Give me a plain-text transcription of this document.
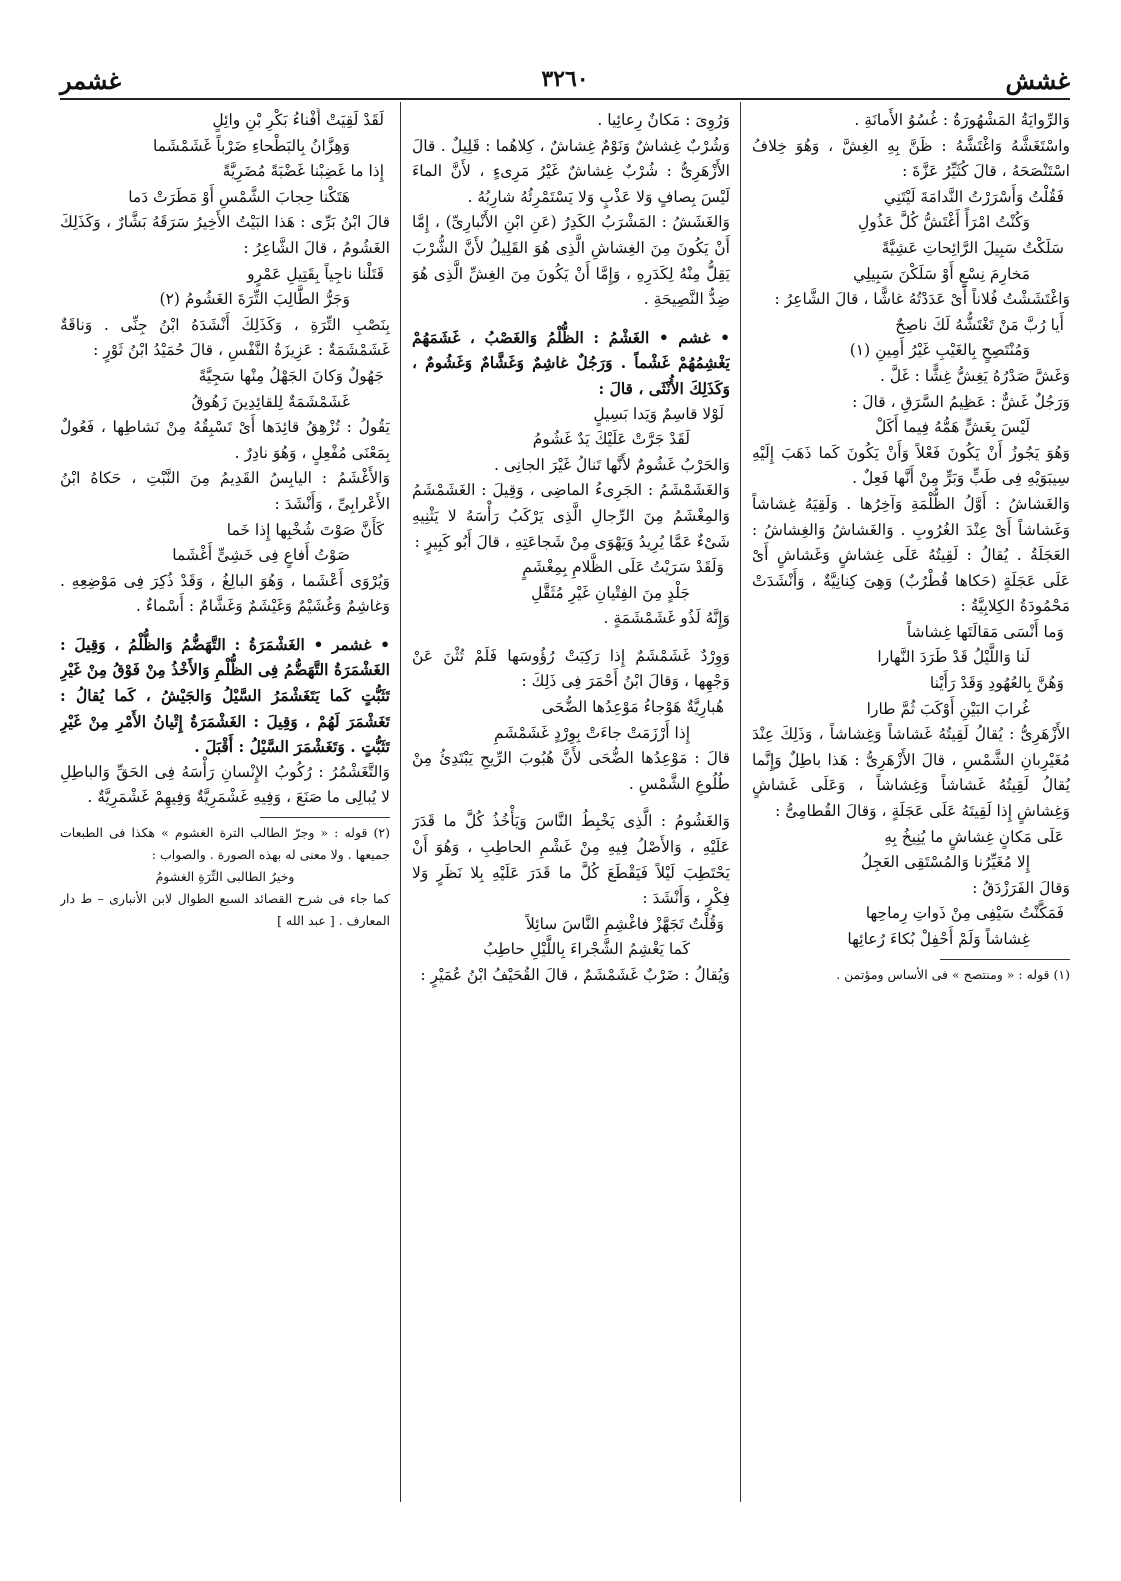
غشش
٣٢٦٠
غشمر

وَالرِّوايَةُ المَشْهُورَةُ : غُسُوُ الأَمانَةِ .

واسْتَغَشَّهُ وَاغْتَشَّهُ : ظَنَّ بِهِ الغِشَّ ، وَهُوَ خِلافُ اسْتَنْصَحَهُ ، قالَ كُثَيِّرُ عَزَّةَ :

فَقُلْتُ وَأَسْرَرْتُ النَّدامَةَ لَيْتَنِي

وَكُنْتُ امْرَأً أَغْتَشُّ كُلَّ عَذُولِ

سَلَكْتُ سَبِيلَ الرَّائِحاتِ عَشِيَّةً

مَخارِمَ نِسْعٍ أَوْ سَلَكْنَ سَبِيلِي

وَاغْتَشَشْتُ فُلاناً أَىْ عَدَدْتُهُ غاشًّا ، قالَ الشَّاعِرُ :

أَيا رُبَّ مَنْ تَغْتَشُّهُ لَكَ ناصِحٌ

وَمُنْتَصِحٍ بِالغَيْبِ غَيْرُ أَمِينِ (١)

وَغَشَّ صَدْرُهُ يَغِشُّ غِشًّا : غَلَّ .

وَرَجُلٌ غَشٌّ : عَظِيمُ السَّرَقِ ، قالَ :

لَيْسَ بِغَشٍّ هَمُّهُ فِيما أَكَلْ

وَهُوَ يَجُوزُ أَنْ يَكُونَ فَعْلاً وَأَنْ يَكُونَ كَما ذَهَبَ إِلَيْهِ سِيبَوَيْهِ فِى طَبٍّ وَبَرٍّ مِنْ أَنَّها فَعِلٌ .

وَالغَشاشُ : أَوَّلُ الظُّلْمَةِ وَآخِرُها . وَلَقِيَهُ غِشاشاً وَغَشاشاً أَىْ عِنْدَ الغُرُوبِ . وَالغَشاشُ وَالغِشاشُ : العَجَلَةُ . يُقالُ : لَقِيتُهُ عَلَى غِشاشٍ وَغَشاشٍ أَىْ عَلَى عَجَلَةٍ (حَكاها قُطْرُبٌ) وَهِىَ كِنانِيَّةٌ ، وَأَنْشَدَتْ مَحْمُودَةُ الكِلابِيَّةُ :

وَما أَنْسَى مَقالَتَها غِشاشاً

لَنا وَاللَّيْلُ قَدْ طَرَدَ النَّهارا

وَهُنَّ بِالعُهُودِ وَقَدْ رَأَيْنا

غُرابَ البَيْنِ أَوْكَبَ ثُمَّ طارا

الأَزْهَرِىُّ : يُقالُ لَقِيتُهُ غَشاشاً وَغِشاشاً ، وَذَلِكَ عِنْدَ مُغَيْرِبانِ الشَّمْسِ ، قالَ الأَزْهَرِىُّ : هَذا باطِلٌ وَإِنَّما يُقالُ لَقِيتُهُ غَشاشاً وَغِشاشاً ، وَعَلَى غَشاشٍ وَغِشاشٍ إِذا لَقِيتَهُ عَلَى عَجَلَةٍ ، وَقالَ القُطامِىُّ :

عَلَى مَكانٍ غِشاشٍ ما يُنِيخُ بِهِ

إِلا مُغَيِّرُنا وَالمُسْتَقِى العَجِلُ

وَقالَ الفَرَزْدَقُ :

فَمَكَّنْتُ سَيْفِى مِنْ ذَواتِ رِماحِها

غِشاشاً وَلَمْ أَحْفِلْ بُكاءَ رُعائِها

(١) قوله : « ومنتصح » فى الأساس ومؤتمن .

وَرُوِىَ : مَكانٌ رِعائِيا .

وَشُرْبٌ غِشاشٌ وَنَوْمٌ غِشاشٌ ، كِلاهُما : قَلِيلٌ . قالَ الأَزْهَرِىُّ : شُرْبٌ غِشاشٌ غَيْرُ مَرِىءٍ ، لأَنَّ الماءَ لَيْسَ بِصافٍ وَلا عَذْبٍ وَلا يَسْتَمْرِئُهُ شارِبُهُ .

وَالغَشَشُ : المَشْرَبُ الكَدِرُ (عَنِ ابْنِ الأَنْبارِىِّ) ، إِمَّا أَنْ يَكُونَ مِنَ الغِشاشِ الَّذِى هُوَ القَلِيلُ لأَنَّ الشُّرْبَ يَقِلُّ مِنْهُ لِكَدَرِهِ ، وَإِمَّا أَنْ يَكُونَ مِنَ الغِشِّ الَّذِى هُوَ ضِدُّ النَّصِيحَةِ .

• غشم • الغَشْمُ : الظُّلْمُ وَالغَصْبُ ، غَشَمَهُمْ يَغْشِمُهُمْ غَشْماً . وَرَجُلٌ غاشِمٌ وَغَشَّامٌ وَغَشُومٌ ، وَكَذَلِكَ الأُنْثَى ، قالَ :

لَوْلا قاسِمٌ وَيَدا بَسِيلٍ

لَقَدْ جَرَّتْ عَلَيْكَ يَدٌ غَشُومُ

وَالحَرْبُ غَشُومٌ لأَنَّها تَنالُ غَيْرَ الجانِى .

وَالغَشَمْشَمُ : الجَرِىءُ الماضِى ، وَقِيلَ : الغَشَمْشَمُ وَالمِغْشَمُ مِنَ الرِّجالِ الَّذِى يَرْكَبُ رَأْسَهُ لا يَثْنِيهِ شَىْءٌ عَمَّا يُرِيدُ وَيَهْوَى مِنْ شَجاعَتِهِ ، قالَ أَبُو كَبِيرٍ :

وَلَقَدْ سَرَيْتُ عَلَى الظَّلامِ بِمِغْشَمٍ

جَلْدٍ مِنَ الفِتْيانِ غَيْرِ مُثَقَّلِ

وَإِنَّهُ لَذُو غَشَمْشَمَةٍ .

وَوِرْدٌ غَشَمْشَمٌ إِذا رَكِبَتْ رُؤُوسَها فَلَمْ تُثْنَ عَنْ وَجْهِها ، وَقالَ ابْنُ أَحْمَرَ فِى ذَلِكَ :

هُبارِيَّةٌ هَوْجاءُ مَوْعِدُها الضُّحَى

إِذا أَرْزَمَتْ جاءَتْ بِوِرْدٍ غَشَمْشَمِ

قالَ : مَوْعِدُها الضُّحَى لأَنَّ هُبُوبَ الرِّيحِ يَبْتَدِئُ مِنْ طُلُوعِ الشَّمْسِ .

وَالغَشُومُ : الَّذِى يَخْبِطُ النَّاسَ وَيَأْخُذُ كُلَّ ما قَدَرَ عَلَيْهِ ، وَالأَصْلُ فِيهِ مِنْ غَشْمِ الحاطِبِ ، وَهُوَ أَنْ يَحْتَطِبَ لَيْلاً فَيَقْطَعَ كُلَّ ما قَدَرَ عَلَيْهِ بِلا نَظَرٍ وَلا فِكْرٍ ، وَأَنْشَدَ :

وَقُلْتُ تَجَهَّزْ فاغْشِمِ النَّاسَ سائِلاً

كَما يَغْشِمُ الشَّجْراءَ بِاللَّيْلِ حاطِبُ

وَيُقالُ : ضَرْبٌ غَشَمْشَمٌ ، قالَ القُحَيْفُ ابْنُ عُمَيْرٍ :

لَقَدْ لَقِيَتْ أَفْناءُ بَكْرِ بْنِ وائِلٍ

وَهِزَّانُ بِالبَطْحاءِ ضَرْباً غَشَمْشَما

إِذا ما غَضِبْنا غَضْبَةً مُضَرِيَّةً

هَتَكْنا حِجابَ الشَّمْسِ أَوْ مَطَرَتْ دَما

قالَ ابْنُ بَرِّى : هَذا البَيْتُ الأَخِيرُ سَرَقَهُ بَشَّارٌ ، وَكَذَلِكَ الغَشُومُ ، قالَ الشَّاعِرُ :

قَتَلْنا ناجِياً بِقَتِيلِ عَمْرٍو

وَجَرُّ الطَّالِبَ التِّرَةَ الغَشُومُ (٢)

بِنَصْبِ التِّرَةِ ، وَكَذَلِكَ أَنْشَدَهُ ابْنُ جِنِّى . وَناقَةٌ غَشَمْشَمَةٌ : عَزِيزَةُ النَّفْسِ ، قالَ حُمَيْدُ ابْنُ ثَوْرٍ :

جَهُولٌ وَكانَ الجَهْلُ مِنْها سَجِيَّةً

غَشَمْشَمَةٌ لِلقائِدِينَ زَهُوقُ

يَقُولُ : تُزْهِقُ قائِدَها أَىْ تَسْبِقُهُ مِنْ نَشاطِها ، فَعُولٌ بِمَعْنَى مُفْعِلٍ ، وَهُوَ نادِرٌ .

وَالأَغْشَمُ : اليابِسُ القَدِيمُ مِنَ النَّبْتِ ، حَكاهُ ابْنُ الأَعْرابِىِّ ، وَأَنْشَدَ :

كَأَنَّ صَوْتَ شُخْبِها إِذا خَما

صَوْتُ أَفاعٍ فِى خَشِىٍّ أَغْشَما

وَيُرْوَى أَعْشَما ، وَهُوَ البالِغُ ، وَقَدْ ذُكِرَ فِى مَوْضِعِهِ . وَغاشِمٌ وَغُشَيْمٌ وَغَيْشَمٌ وَغَشَّامٌ : أَسْماءٌ .

• غشمر • الغَشْمَرَةُ : التَّهَضُّمُ وَالظُّلْمُ ، وَقِيلَ : الغَشْمَرَةُ التَّهَضُّمُ فِى الظُّلْمِ وَالأَخْذُ مِنْ فَوْقُ مِنْ غَيْرِ تَثَبُّتٍ كَما يَتَغَشْمَرُ السَّيْلُ وَالجَيْشُ ، كَما يُقالُ : تَغَشْمَرَ لَهُمْ ، وَقِيلَ : الغَشْمَرَةُ إِتْيانُ الأَمْرِ مِنْ غَيْرِ تَثَبُّتٍ . وَتَغَشْمَرَ السَّيْلُ : أَقْبَلَ .

وَالتَّغَشْمُرُ : رُكُوبُ الإِنْسانِ رَأْسَهُ فِى الحَقِّ وَالباطِلِ لا يُبالِى ما صَنَعَ ، وَفِيهِ غَشْمَرِيَّةٌ وَفِيهِمْ غَشْمَرِيَّةٌ .

(٢) قوله : « وجرّ الطالب الترة الغشوم » هكذا فى الطبعات جميعها . ولا معنى له بهذه الصورة . والصواب :

وخيرُ الطالبى التِّرَةِ الغشومُ

كما جاء فى شرح القصائد السبع الطوال لابن الأنبارى – ط دار المعارف . [ عبد الله ]
